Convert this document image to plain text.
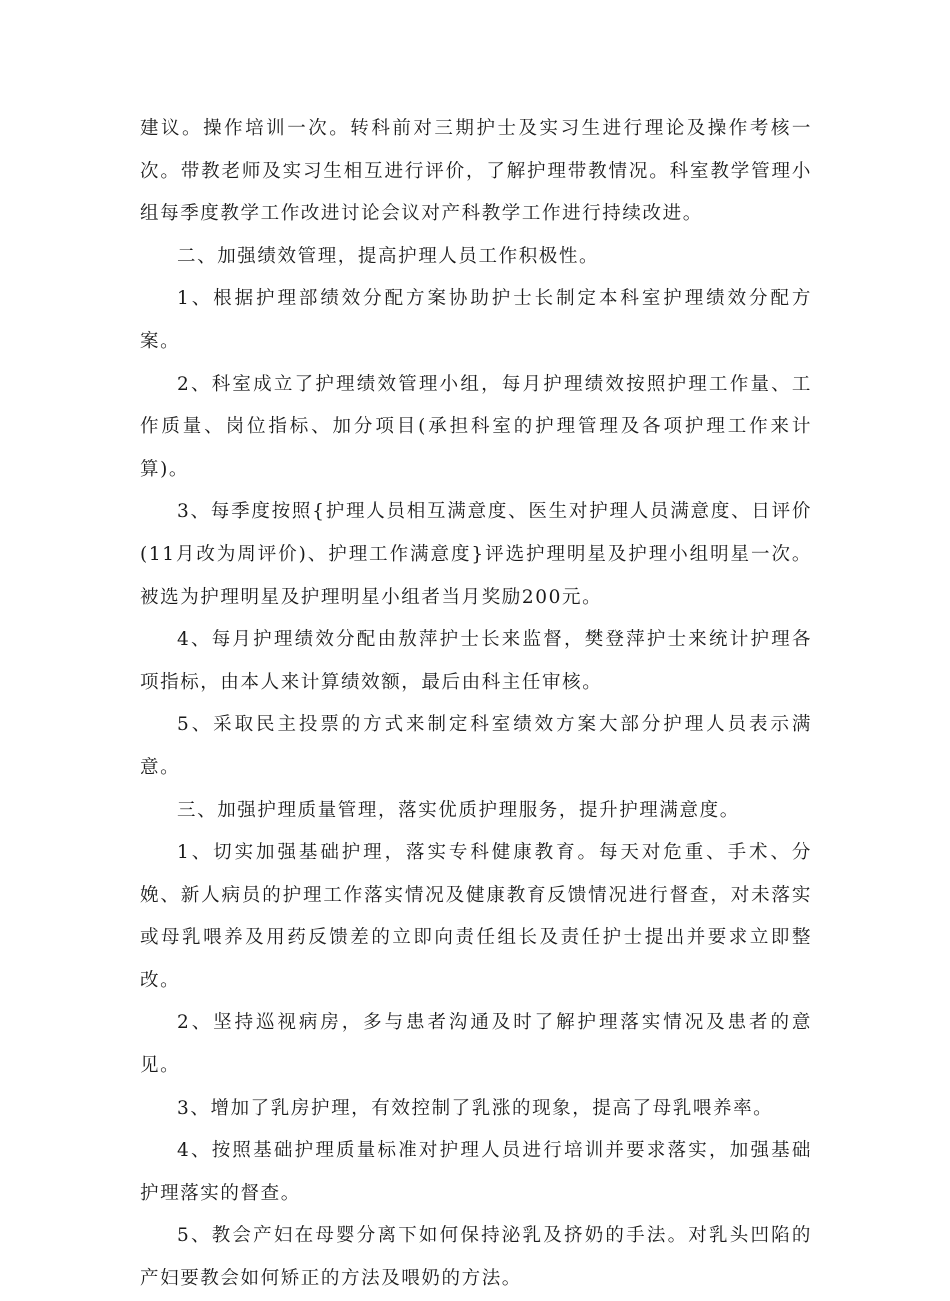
建议。操作培训一次。转科前对三期护士及实习生进行理论及操作考核一次。带教老师及实习生相互进行评价，了解护理带教情况。科室教学管理小组每季度教学工作改进讨论会议对产科教学工作进行持续改进。

二、加强绩效管理，提高护理人员工作积极性。

1、根据护理部绩效分配方案协助护士长制定本科室护理绩效分配方案。

2、科室成立了护理绩效管理小组，每月护理绩效按照护理工作量、工作质量、岗位指标、加分项目(承担科室的护理管理及各项护理工作来计算)。

3、每季度按照{护理人员相互满意度、医生对护理人员满意度、日评价(11月改为周评价)、护理工作满意度}评选护理明星及护理小组明星一次。被选为护理明星及护理明星小组者当月奖励200元。

4、每月护理绩效分配由敖萍护士长来监督，樊登萍护士来统计护理各项指标，由本人来计算绩效额，最后由科主任审核。

5、采取民主投票的方式来制定科室绩效方案大部分护理人员表示满意。

三、加强护理质量管理，落实优质护理服务，提升护理满意度。

1、切实加强基础护理，落实专科健康教育。每天对危重、手术、分娩、新人病员的护理工作落实情况及健康教育反馈情况进行督查，对未落实或母乳喂养及用药反馈差的立即向责任组长及责任护士提出并要求立即整改。

2、坚持巡视病房，多与患者沟通及时了解护理落实情况及患者的意见。

3、增加了乳房护理，有效控制了乳涨的现象，提高了母乳喂养率。

4、按照基础护理质量标准对护理人员进行培训并要求落实，加强基础护理落实的督查。

5、教会产妇在母婴分离下如何保持泌乳及挤奶的手法。对乳头凹陷的产妇要教会如何矫正的方法及喂奶的方法。
